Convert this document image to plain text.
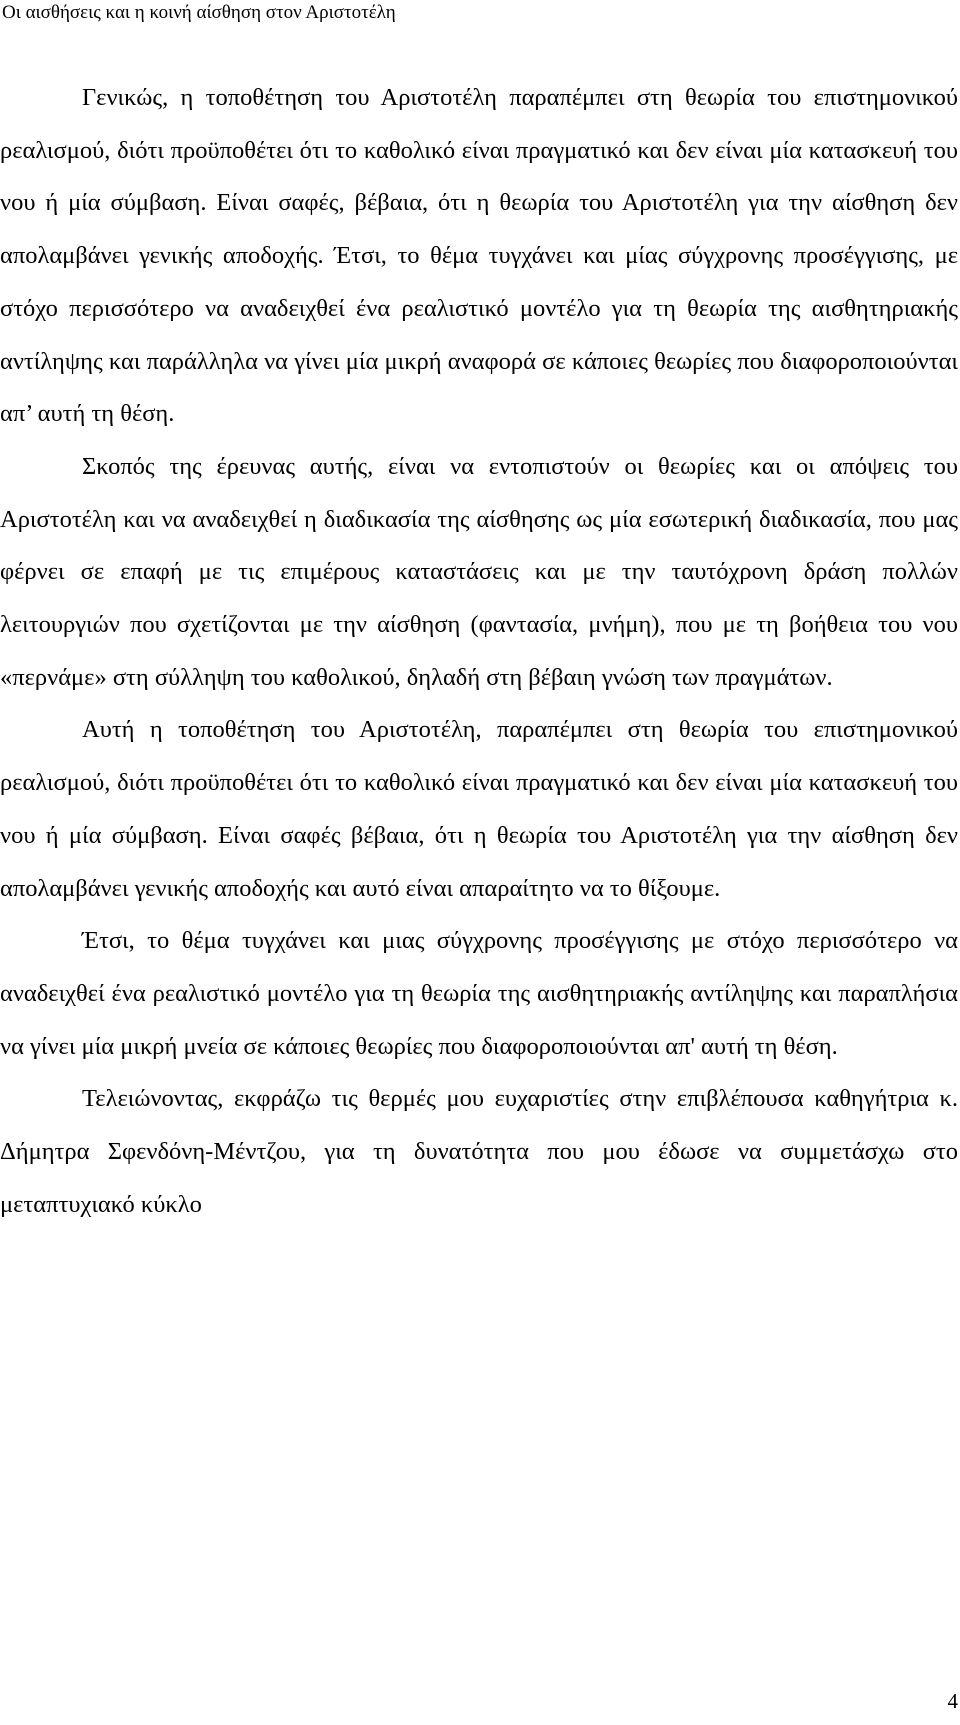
Οι αισθήσεις και η κοινή αίσθηση στον Αριστοτέλη

Γενικώς, η τοποθέτηση του Αριστοτέλη παραπέμπει στη θεωρία του επιστημονικού ρεαλισμού, διότι προϋποθέτει ότι το καθολικό είναι πραγματικό και δεν είναι μία κατασκευή του νου ή μία σύμβαση. Είναι σαφές, βέβαια, ότι η θεωρία του Αριστοτέλη για την αίσθηση δεν απολαμβάνει γενικής αποδοχής. Έτσι, το θέμα τυγχάνει και μίας σύγχρονης προσέγγισης, με στόχο περισσότερο να αναδειχθεί ένα ρεαλιστικό μοντέλο για τη θεωρία της αισθητηριακής αντίληψης και παράλληλα να γίνει μία μικρή αναφορά σε κάποιες θεωρίες που διαφοροποιούνται απ’ αυτή τη θέση.

Σκοπός της έρευνας αυτής, είναι να εντοπιστούν οι θεωρίες και οι απόψεις του Αριστοτέλη και να αναδειχθεί η διαδικασία της αίσθησης ως μία εσωτερική διαδικασία, που μας φέρνει σε επαφή με τις επιμέρους καταστάσεις και με την ταυτόχρονη δράση πολλών λειτουργιών που σχετίζονται με την αίσθηση (φαντασία, μνήμη), που με τη βοήθεια του νου «περνάμε» στη σύλληψη του καθολικού, δηλαδή στη βέβαιη γνώση των πραγμάτων.

Αυτή η τοποθέτηση του Αριστοτέλη, παραπέμπει στη θεωρία του επιστημονικού ρεαλισμού, διότι προϋποθέτει ότι το καθολικό είναι πραγματικό και δεν είναι μία κατασκευή του νου ή μία σύμβαση. Είναι σαφές βέβαια, ότι η θεωρία του Αριστοτέλη για την αίσθηση δεν απολαμβάνει γενικής αποδοχής και αυτό είναι απαραίτητο να το θίξουμε.

Έτσι, το θέμα τυγχάνει και μιας σύγχρονης προσέγγισης με στόχο περισσότερο να αναδειχθεί ένα ρεαλιστικό μοντέλο για τη θεωρία της αισθητηριακής αντίληψης και παραπλήσια να γίνει μία μικρή μνεία σε κάποιες θεωρίες που διαφοροποιούνται απ' αυτή τη θέση.

Τελειώνοντας, εκφράζω τις θερμές μου ευχαριστίες στην επιβλέπουσα καθηγήτρια κ. Δήμητρα Σφενδόνη-Μέντζου, για τη δυνατότητα που μου έδωσε να συμμετάσχω στο μεταπτυχιακό κύκλο

4
